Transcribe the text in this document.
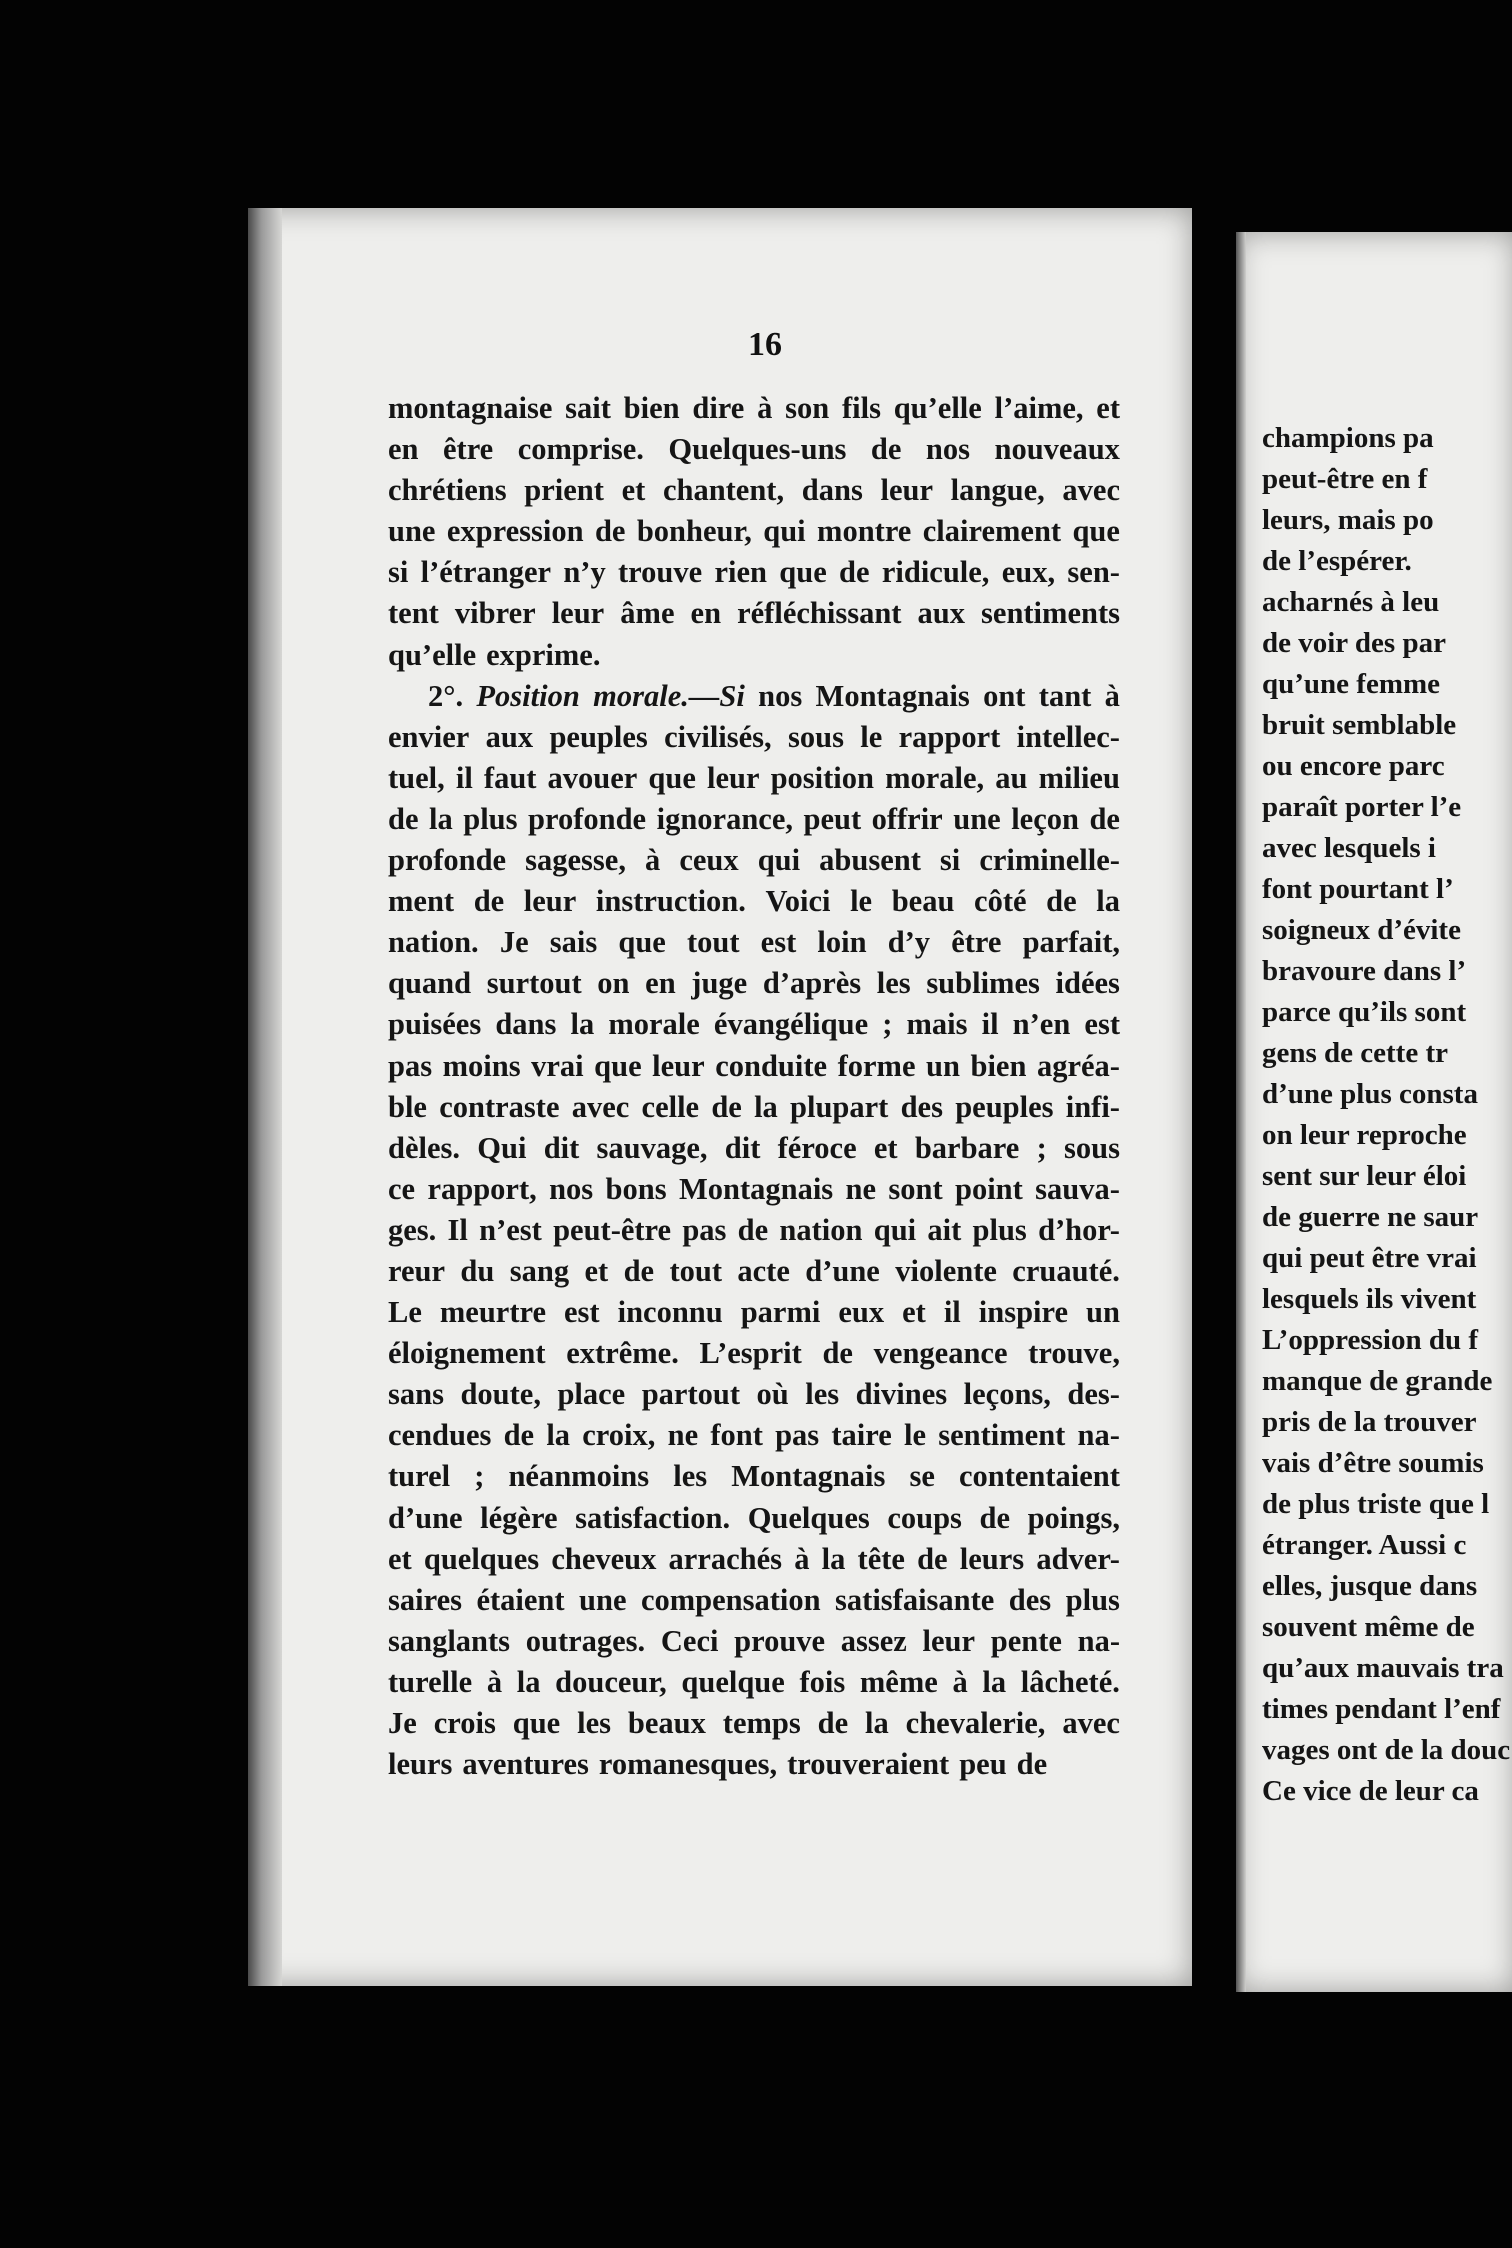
16
montagnaise sait bien dire à son fils qu’elle l’aime, et
en être comprise. Quelques-uns de nos nouveaux
chrétiens prient et chantent, dans leur langue, avec
une expression de bonheur, qui montre clairement que
si l’étranger n’y trouve rien que de ridicule, eux, sen-
tent vibrer leur âme en réfléchissant aux sentiments
qu’elle exprime.
2°. Position morale.—Si nos Montagnais ont tant à
envier aux peuples civilisés, sous le rapport intellec-
tuel, il faut avouer que leur position morale, au milieu
de la plus profonde ignorance, peut offrir une leçon de
profonde sagesse, à ceux qui abusent si criminelle-
ment de leur instruction. Voici le beau côté de la
nation. Je sais que tout est loin d’y être parfait,
quand surtout on en juge d’après les sublimes idées
puisées dans la morale évangélique ; mais il n’en est
pas moins vrai que leur conduite forme un bien agréa-
ble contraste avec celle de la plupart des peuples infi-
dèles. Qui dit sauvage, dit féroce et barbare ; sous
ce rapport, nos bons Montagnais ne sont point sauva-
ges. Il n’est peut-être pas de nation qui ait plus d’hor-
reur du sang et de tout acte d’une violente cruauté.
Le meurtre est inconnu parmi eux et il inspire un
éloignement extrême. L’esprit de vengeance trouve,
sans doute, place partout où les divines leçons, des-
cendues de la croix, ne font pas taire le sentiment na-
turel ; néanmoins les Montagnais se contentaient
d’une légère satisfaction. Quelques coups de poings,
et quelques cheveux arrachés à la tête de leurs adver-
saires étaient une compensation satisfaisante des plus
sanglants outrages. Ceci prouve assez leur pente na-
turelle à la douceur, quelque fois même à la lâcheté.
Je crois que les beaux temps de la chevalerie, avec
leurs aventures romanesques, trouveraient peu de
champions pa
peut-être en f
leurs, mais po
de l’espérer.
acharnés à leu
de voir des par
qu’une femme
bruit semblable
ou encore parc
paraît porter l’e
avec lesquels i
font pourtant l’
soigneux d’évite
bravoure dans l’
parce qu’ils sont
gens de cette tr
d’une plus consta
on leur reproche
sent sur leur éloi
de guerre ne saur
qui peut être vrai
lesquels ils vivent
L’oppression du f
manque de grande
pris de la trouver
vais d’être soumis
de plus triste que l
étranger. Aussi c
elles, jusque dans
souvent même de
qu’aux mauvais tra
times pendant l’enf
vages ont de la douc
Ce vice de leur ca
